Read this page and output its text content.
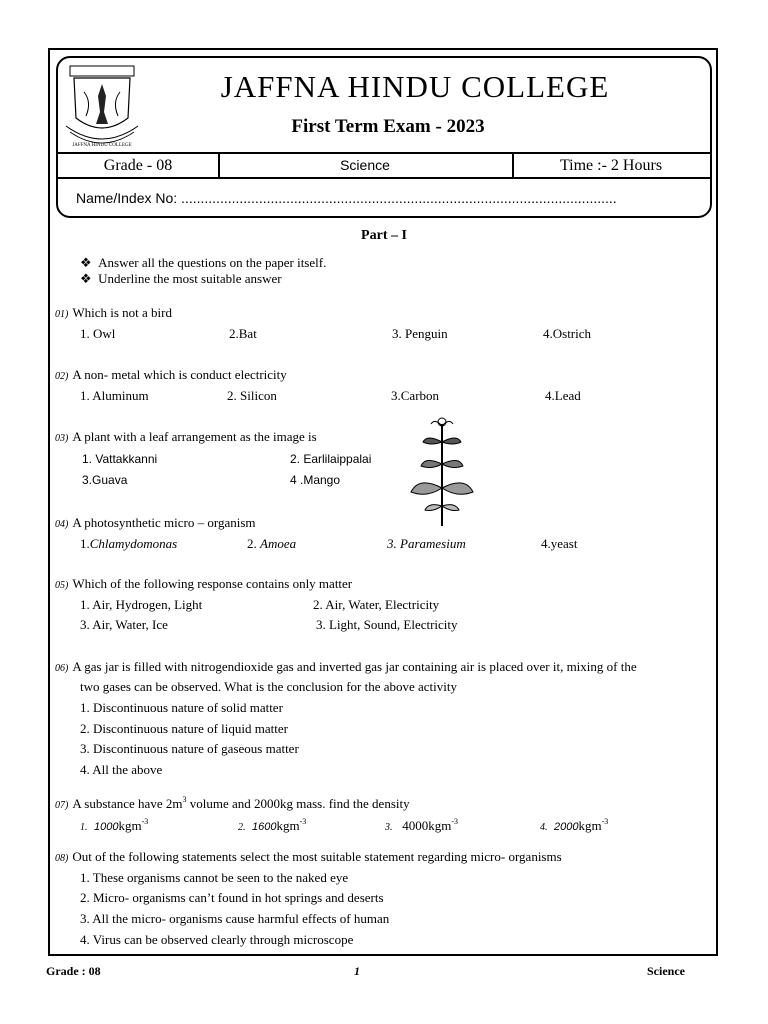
JAFFNA HINDU COLLEGE
JAFFNA HINDU COLLEGE
First Term Exam - 2023
Grade - 08	Science	Time :- 2 Hours
Name/Index No: ................................................................................................................
Part – I
❖ Answer all the questions on the paper itself.
❖ Underline the most suitable answer
01) Which is not a bird
1. Owl	2.Bat	3. Penguin	4.Ostrich
02) A non- metal which is conduct electricity
1. Aluminum	2. Silicon	3.Carbon	4.Lead
03) A plant with a leaf arrangement as the image is
1. Vattakkanni	2. Earlilaippalai
3.Guava	4 .Mango
04) A photosynthetic micro – organism
1.Chlamydomonas	2. Amoea	3. Paramesium	4.yeast
05) Which of the following response contains only matter
1. Air, Hydrogen, Light	2. Air, Water, Electricity
3. Air, Water, Ice	3. Light, Sound, Electricity
06) A gas jar is filled with nitrogendioxide gas and inverted gas jar containing air is placed over it, mixing of the
two gases can be observed. What is the conclusion for the above activity
1. Discontinuous nature of solid matter
2. Discontinuous nature of liquid matter
3. Discontinuous nature of gaseous matter
4. All the above
07) A substance have $2m^3$ volume and 2000kg mass. find the density
1. 1000kgm$^{-3}$
2. 1600kgm$^{-3}$
3. 4000kgm$^{-3}$
4. 2000kgm$^{-3}$
08) Out of the following statements select the most suitable statement regarding micro- organisms
1. These organisms cannot be seen to the naked eye
2. Micro- organisms can’t found in hot springs and deserts
3. All the micro- organisms cause harmful effects of human
4. Virus can be observed clearly through microscope
Grade : 08	1	Science
